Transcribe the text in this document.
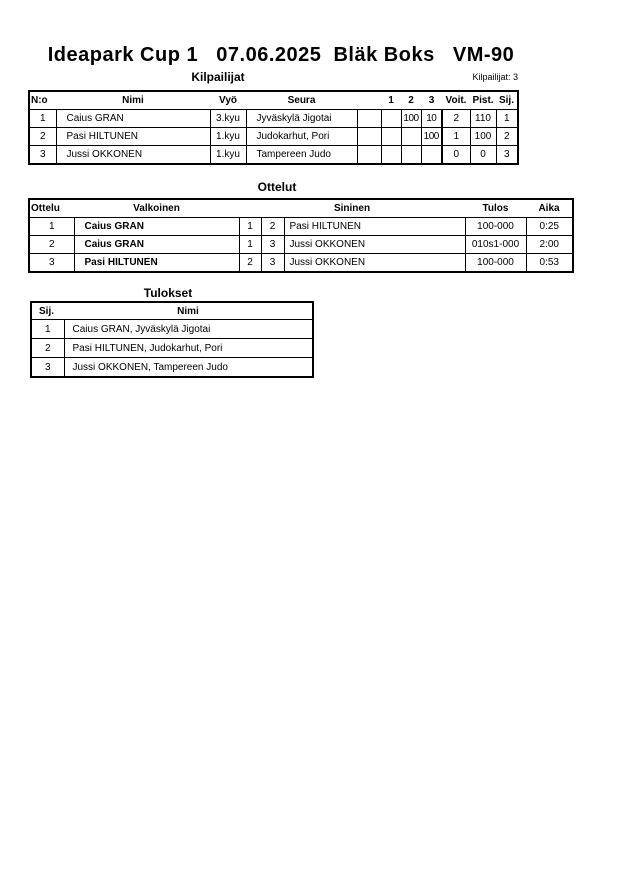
Ideapark Cup 1   07.06.2025  Bläk Boks   VM-90
Kilpailijat	Kilpailijat: 3
N:o	Nimi	Vyö	Seura		1	2	3	Voit.	Pist.	Sij.
1	Caius GRAN	3.kyu	Jyväskylä Jigotai			100	10	2	110	1
2	Pasi HILTUNEN	1.kyu	Judokarhut, Pori				100	1	100	2
3	Jussi OKKONEN	1.kyu	Tampereen Judo					0	0	3
Ottelut
Ottelu	Valkoinen	Sininen			Tulos	Aika
1	Caius GRAN	1	2	Pasi HILTUNEN	100-000	0:25
2	Caius GRAN	1	3	Jussi OKKONEN	010s1-000	2:00
3	Pasi HILTUNEN	2	3	Jussi OKKONEN	100-000	0:53
Tulokset
Sij.	Nimi
1	Caius GRAN, Jyväskylä Jigotai
2	Pasi HILTUNEN, Judokarhut, Pori
3	Jussi OKKONEN, Tampereen Judo
